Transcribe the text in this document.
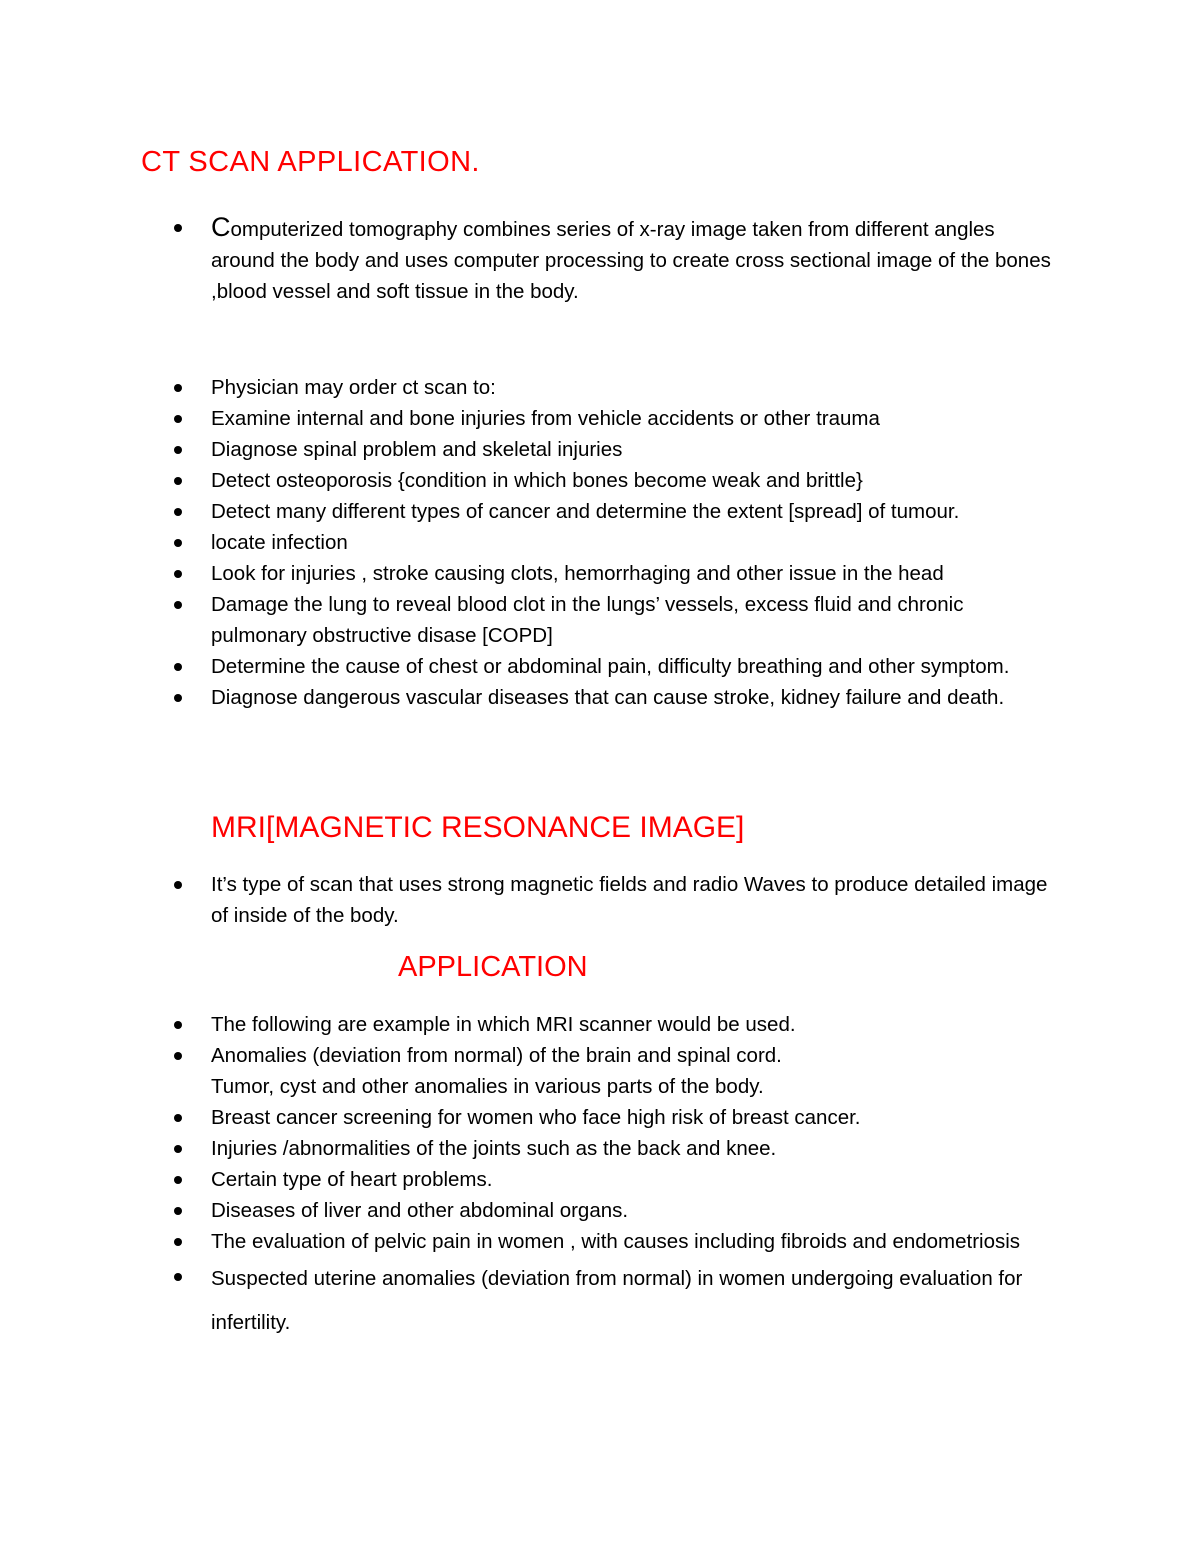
CT SCAN APPLICATION.
Computerized tomography combines series of x-ray image taken from different angles around the body and uses computer processing to create cross sectional image of the bones ,blood vessel and soft tissue in the body.
Physician may order ct scan to:
Examine internal and bone injuries from vehicle accidents or other trauma
Diagnose spinal problem and skeletal injuries
Detect osteoporosis {condition in which bones become weak and brittle}
Detect many different types of cancer and determine the extent [spread] of tumour.
locate infection
Look for injuries , stroke causing clots, hemorrhaging and other issue in the head
Damage the lung to reveal blood clot in the lungs’ vessels, excess fluid and chronic pulmonary obstructive disase [COPD]
Determine the cause of chest or abdominal pain, difficulty breathing and other symptom.
Diagnose dangerous vascular diseases that can cause stroke, kidney failure and death.
MRI[MAGNETIC RESONANCE IMAGE]
It’s type of scan that uses strong magnetic fields and radio Waves to produce detailed image of inside of the body.
APPLICATION
The following are example in which MRI scanner would be used.
Anomalies (deviation from normal) of the brain and spinal cord.
Tumor, cyst and other anomalies in various parts of the body.
Breast cancer screening for women who face high risk of breast cancer.
Injuries /abnormalities of the joints such as the back and knee.
Certain type of heart problems.
Diseases of liver and other abdominal organs.
The evaluation of pelvic pain in women , with causes including fibroids and endometriosis
Suspected uterine anomalies (deviation from normal) in women undergoing evaluation for infertility.
